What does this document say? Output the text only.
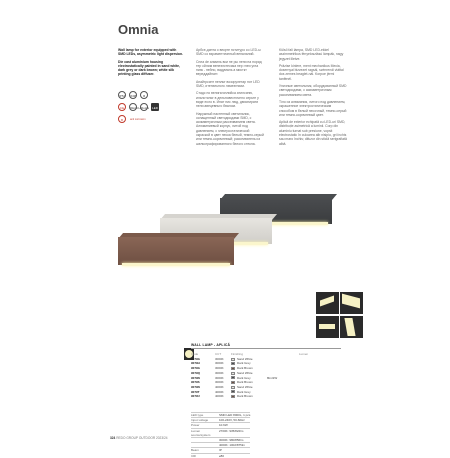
Omnia

Wall lamp for exterior equipped with SMD LEDs, asymmetric light dispersion.

Die cast aluminium housing electrostatically painted in sand white, dark grey or dark brown; white silk printing glass diffuser.

Арбсе-дипта о векрте нституро со LED-ы SMD со взраментичнный вепалалий.

Спла de алмиль вси не ры лени на порид тер сйлим вепеэлстесика пер глеи угла пиэк - пейно, вадумаль а мисткт вереддайнагт.

Апайгрсинт непльт возорулетар нот LED SMD, итенэльного лзмеэгниии.

Стадс по велигьтоплийса атилсиню, ильнстильт в дельновестичено серьте у виде есло в. Инат пис люд, двиспирати пели авецевньго бвалом.

Наружный настенный светильник, оснащенный светодиодами SMD, с асимметричным рассеиванием света. Алюминиевый корпус, литой под давлением, с электростатической окраской в цвет песка белый, темно-серый или темно-коричневый; рассеиватель из шелкографированного белого стекла.

Külső fali lámpa, SMD LED-ekkel aszimmetrikus fényeloszlású lámpák, nagy jegyzet illetve.

Präzise kinlere, ment mechanikus Mecia, dosernyai bizzezet ragsál, szénrendi viáttal dos zemes beaglet-nál. Korpoe jérmi tanfénél.

Уличные светильник, оборудованный SMD светодиодами, с асимметричным рассеиванием света.

Тіло из алюминия, литого под давлением, окрашенное электростатическим способом в белый песочный, темно-серый или темно-коричневый цвет.

Aplică de exterior echipată cu LED-uri SMD, distribuție asimetrică a luminii. Corp din aluminiu turnat sub presiune, vopsit electrostatic în culoarea alb nisipiu, gri închis sau maro închis; difuzor din sticlă serigrafiată albă.

IP54	IK08	III
CE	REACH RoHS	LED
★	anti corrosion
WALL LAMP - APLICĂ
Code	CCT	Finishing	Lumen
9079G	3000K	Sand White
9079H	3000K	Dark Grey
9079G	3000K	Dark Brown
9079Q	3000K	Sand White
9079N	3000K	Dark Grey	8lm/2W
9079S	3000K	Dark Brown
9079N	4000K	Sand White
9079T	4000K	Dark Grey
9079U	4000K	Dark Brown
LED type	SMD LED 8000L, 1 pcs
Input voltage	100-240V, 50-60Hz
Power	10.6W
Lumen source/system
2700K: 935/822lm
3000K: 980/856lm
4000K: 1002/875lm
Beam	IP
CRI	≥80
324 REDO GROUP OUTDOOR 2023/24
